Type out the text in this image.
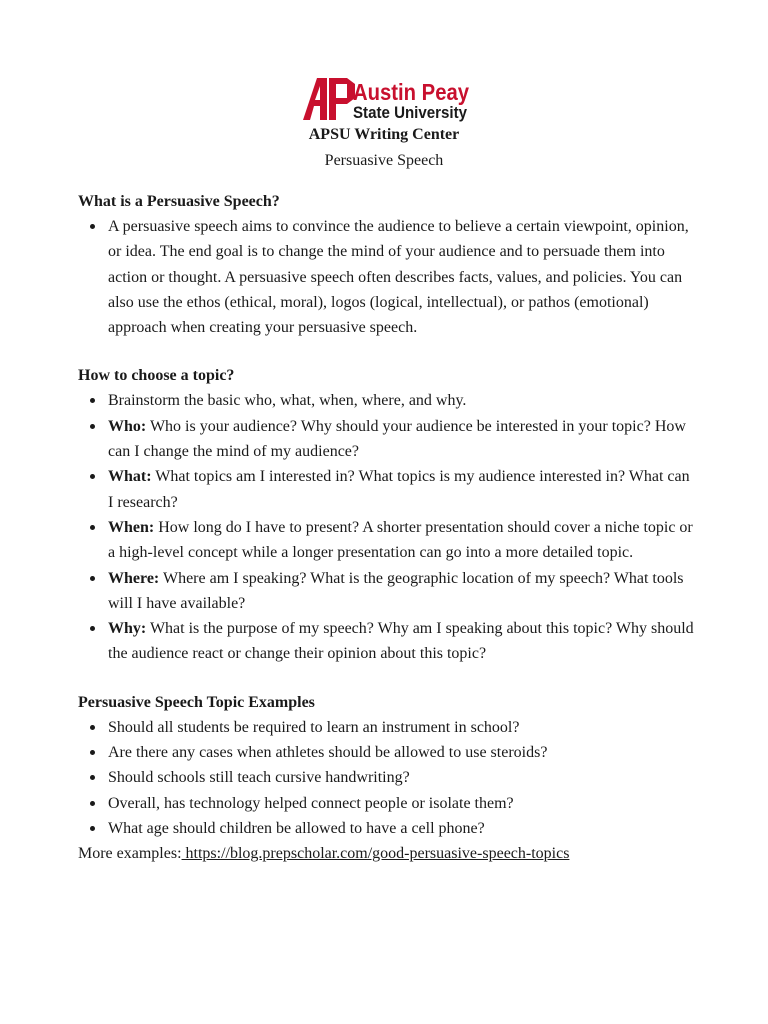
Austin Peay
State University
APSU Writing Center
Persuasive Speech

What is a Persuasive Speech?

A persuasive speech aims to convince the audience to believe a certain viewpoint, opinion, or idea. The end goal is to change the mind of your audience and to persuade them into action or thought. A persuasive speech often describes facts, values, and policies. You can also use the ethos (ethical, moral), logos (logical, intellectual), or pathos (emotional) approach when creating your persuasive speech.

How to choose a topic?

Brainstorm the basic who, what, when, where, and why.
Who: Who is your audience? Why should your audience be interested in your topic? How can I change the mind of my audience?
What: What topics am I interested in? What topics is my audience interested in? What can I research?
When: How long do I have to present? A shorter presentation should cover a niche topic or a high-level concept while a longer presentation can go into a more detailed topic.
Where: Where am I speaking? What is the geographic location of my speech? What tools will I have available?
Why: What is the purpose of my speech? Why am I speaking about this topic? Why should the audience react or change their opinion about this topic?

Persuasive Speech Topic Examples

Should all students be required to learn an instrument in school?
Are there any cases when athletes should be allowed to use steroids?
Should schools still teach cursive handwriting?
Overall, has technology helped connect people or isolate them?
What age should children be allowed to have a cell phone?
More examples: https://blog.prepscholar.com/good-persuasive-speech-topics
